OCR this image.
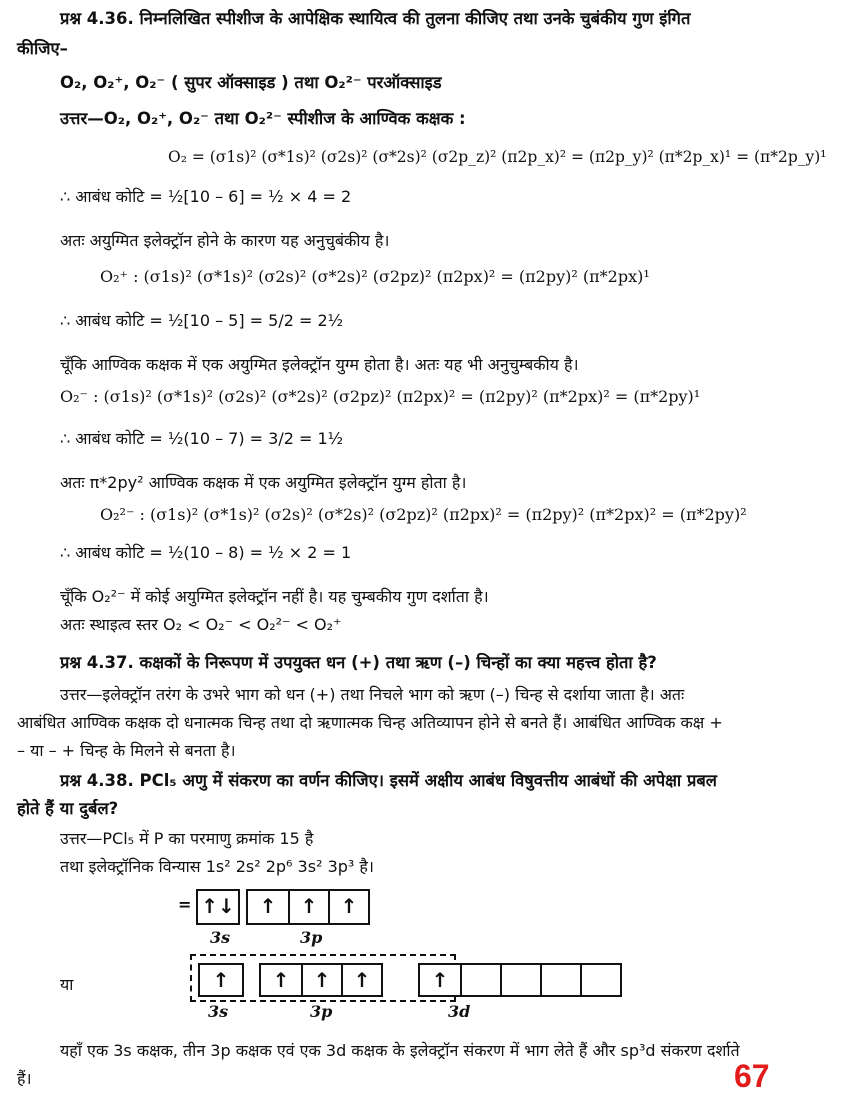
प्रश्न 4.36. निम्नलिखित स्पीशीज के आपेक्षिक स्थायित्व की तुलना कीजिए तथा उनके चुबंकीय गुण इंगित
कीजिए–
O₂, O₂⁺, O₂⁻ ( सुपर ऑक्साइड ) तथा O₂²⁻ परऑक्साइड
उत्तर—O₂, O₂⁺, O₂⁻ तथा O₂²⁻ स्पीशीज के आण्विक कक्षक :
O₂ = (σ1s)² (σ*1s)² (σ2s)² (σ*2s)² (σ2p_z)² (π2p_x)² = (π2p_y)² (π*2p_x)¹ = (π*2p_y)¹
∴ आबंध कोटि = ½[10 – 6] = ½ × 4 = 2
अतः अयुग्मित इलेक्ट्रॉन होने के कारण यह अनुचुबंकीय है।
O₂⁺ : (σ1s)² (σ*1s)² (σ2s)² (σ*2s)² (σ2pz)² (π2px)² = (π2py)² (π*2px)¹
∴ आबंध कोटि = ½[10 – 5] = 5/2 = 2½
चूँकि आण्विक कक्षक में एक अयुग्मित इलेक्ट्रॉन युग्म होता है। अतः यह भी अनुचुम्बकीय है।
O₂⁻ : (σ1s)² (σ*1s)² (σ2s)² (σ*2s)² (σ2pz)² (π2px)² = (π2py)² (π*2px)² = (π*2py)¹
∴ आबंध कोटि = ½(10 – 7) = 3/2 = 1½
अतः π*2py² आण्विक कक्षक में एक अयुग्मित इलेक्ट्रॉन युग्म होता है।
O₂²⁻ : (σ1s)² (σ*1s)² (σ2s)² (σ*2s)² (σ2pz)² (π2px)² = (π2py)² (π*2px)² = (π*2py)²
∴ आबंध कोटि = ½(10 – 8) = ½ × 2 = 1
चूँकि O₂²⁻ में कोई अयुग्मित इलेक्ट्रॉन नहीं है। यह चुम्बकीय गुण दर्शाता है।
अतः स्थाइत्व स्तर O₂ < O₂⁻ < O₂²⁻ < O₂⁺
प्रश्न 4.37. कक्षकों के निरूपण में उपयुक्त धन (+) तथा ऋण (–) चिन्हों का क्या महत्त्व होता है?
उत्तर—इलेक्ट्रॉन तरंग के उभरे भाग को धन (+) तथा निचले भाग को ऋण (–) चिन्ह से दर्शाया जाता है। अतः
आबंधित आण्विक कक्षक दो धनात्मक चिन्ह तथा दो ऋणात्मक चिन्ह अतिव्यापन होने से बनते हैं। आबंधित आण्विक कक्ष +
– या – + चिन्ह के मिलने से बनता है।
प्रश्न 4.38. PCl₅ अणु में संकरण का वर्णन कीजिए। इसमें अक्षीय आबंध विषुवत्तीय आबंधों की अपेक्षा प्रबल
होते हैं या दुर्बल?
उत्तर—PCl₅ में P का परमाणु क्रमांक 15 है
तथा इलेक्ट्रॉनिक विन्यास 1s² 2s² 2p⁶ 3s² 3p³ है।
= ↑↓	↑	↑	↑
3s	3p
या	↑	↑	↑	↑	↑
3s	3p	3d
यहाँ एक 3s कक्षक, तीन 3p कक्षक एवं एक 3d कक्षक के इलेक्ट्रॉन संकरण में भाग लेते हैं और sp³d संकरण दर्शाते
हैं।	67
